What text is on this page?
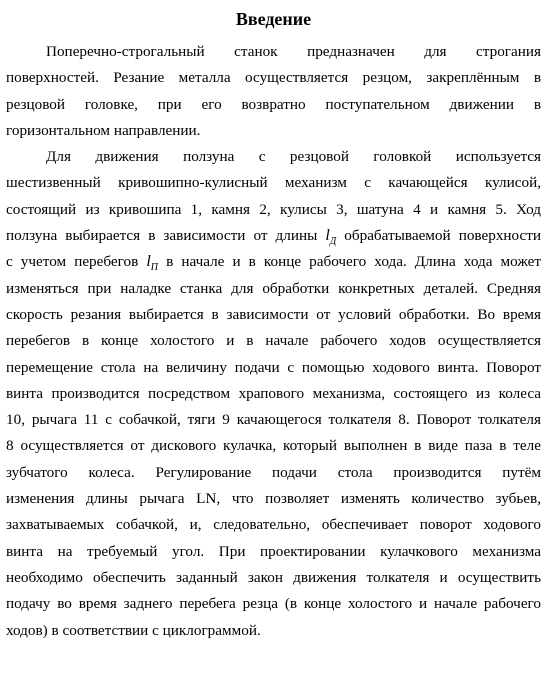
Введение
Поперечно-строгальный станок предназначен для строгания
поверхностей. Резание металла осуществляется резцом, закреплённым в
резцовой головке, при его возвратно поступательном движении в
горизонтальном направлении.
Для движения ползуна с резцовой головкой используется
шестизвенный кривошипно-кулисный механизм с качающейся кулисой,
состоящий из кривошипа 1, камня 2, кулисы 3, шатуна 4 и камня 5. Ход
ползуна выбирается в зависимости от длины $l_Д$ обрабатываемой поверхности
с учетом перебегов $l_П$ в начале и в конце рабочего хода. Длина хода может
изменяться при наладке станка для обработки конкретных деталей. Средняя
скорость резания выбирается в зависимости от условий обработки. Во время
перебегов в конце холостого и в начале рабочего ходов осуществляется
перемещение стола на величину подачи с помощью ходового винта. Поворот
винта производится посредством храпового механизма, состоящего из колеса
10, рычага 11 с собачкой, тяги 9 качающегося толкателя 8. Поворот толкателя
8 осуществляется от дискового кулачка, который выполнен в виде паза в теле
зубчатого колеса. Регулирование подачи стола производится путём
изменения длины рычага LN, что позволяет изменять количество зубьев,
захватываемых собачкой, и, следовательно, обеспечивает поворот ходового
винта на требуемый угол. При проектировании кулачкового механизма
необходимо обеспечить заданный закон движения толкателя и осуществить
подачу во время заднего перебега резца (в конце холостого и начале рабочего
ходов) в соответствии с циклограммой.
